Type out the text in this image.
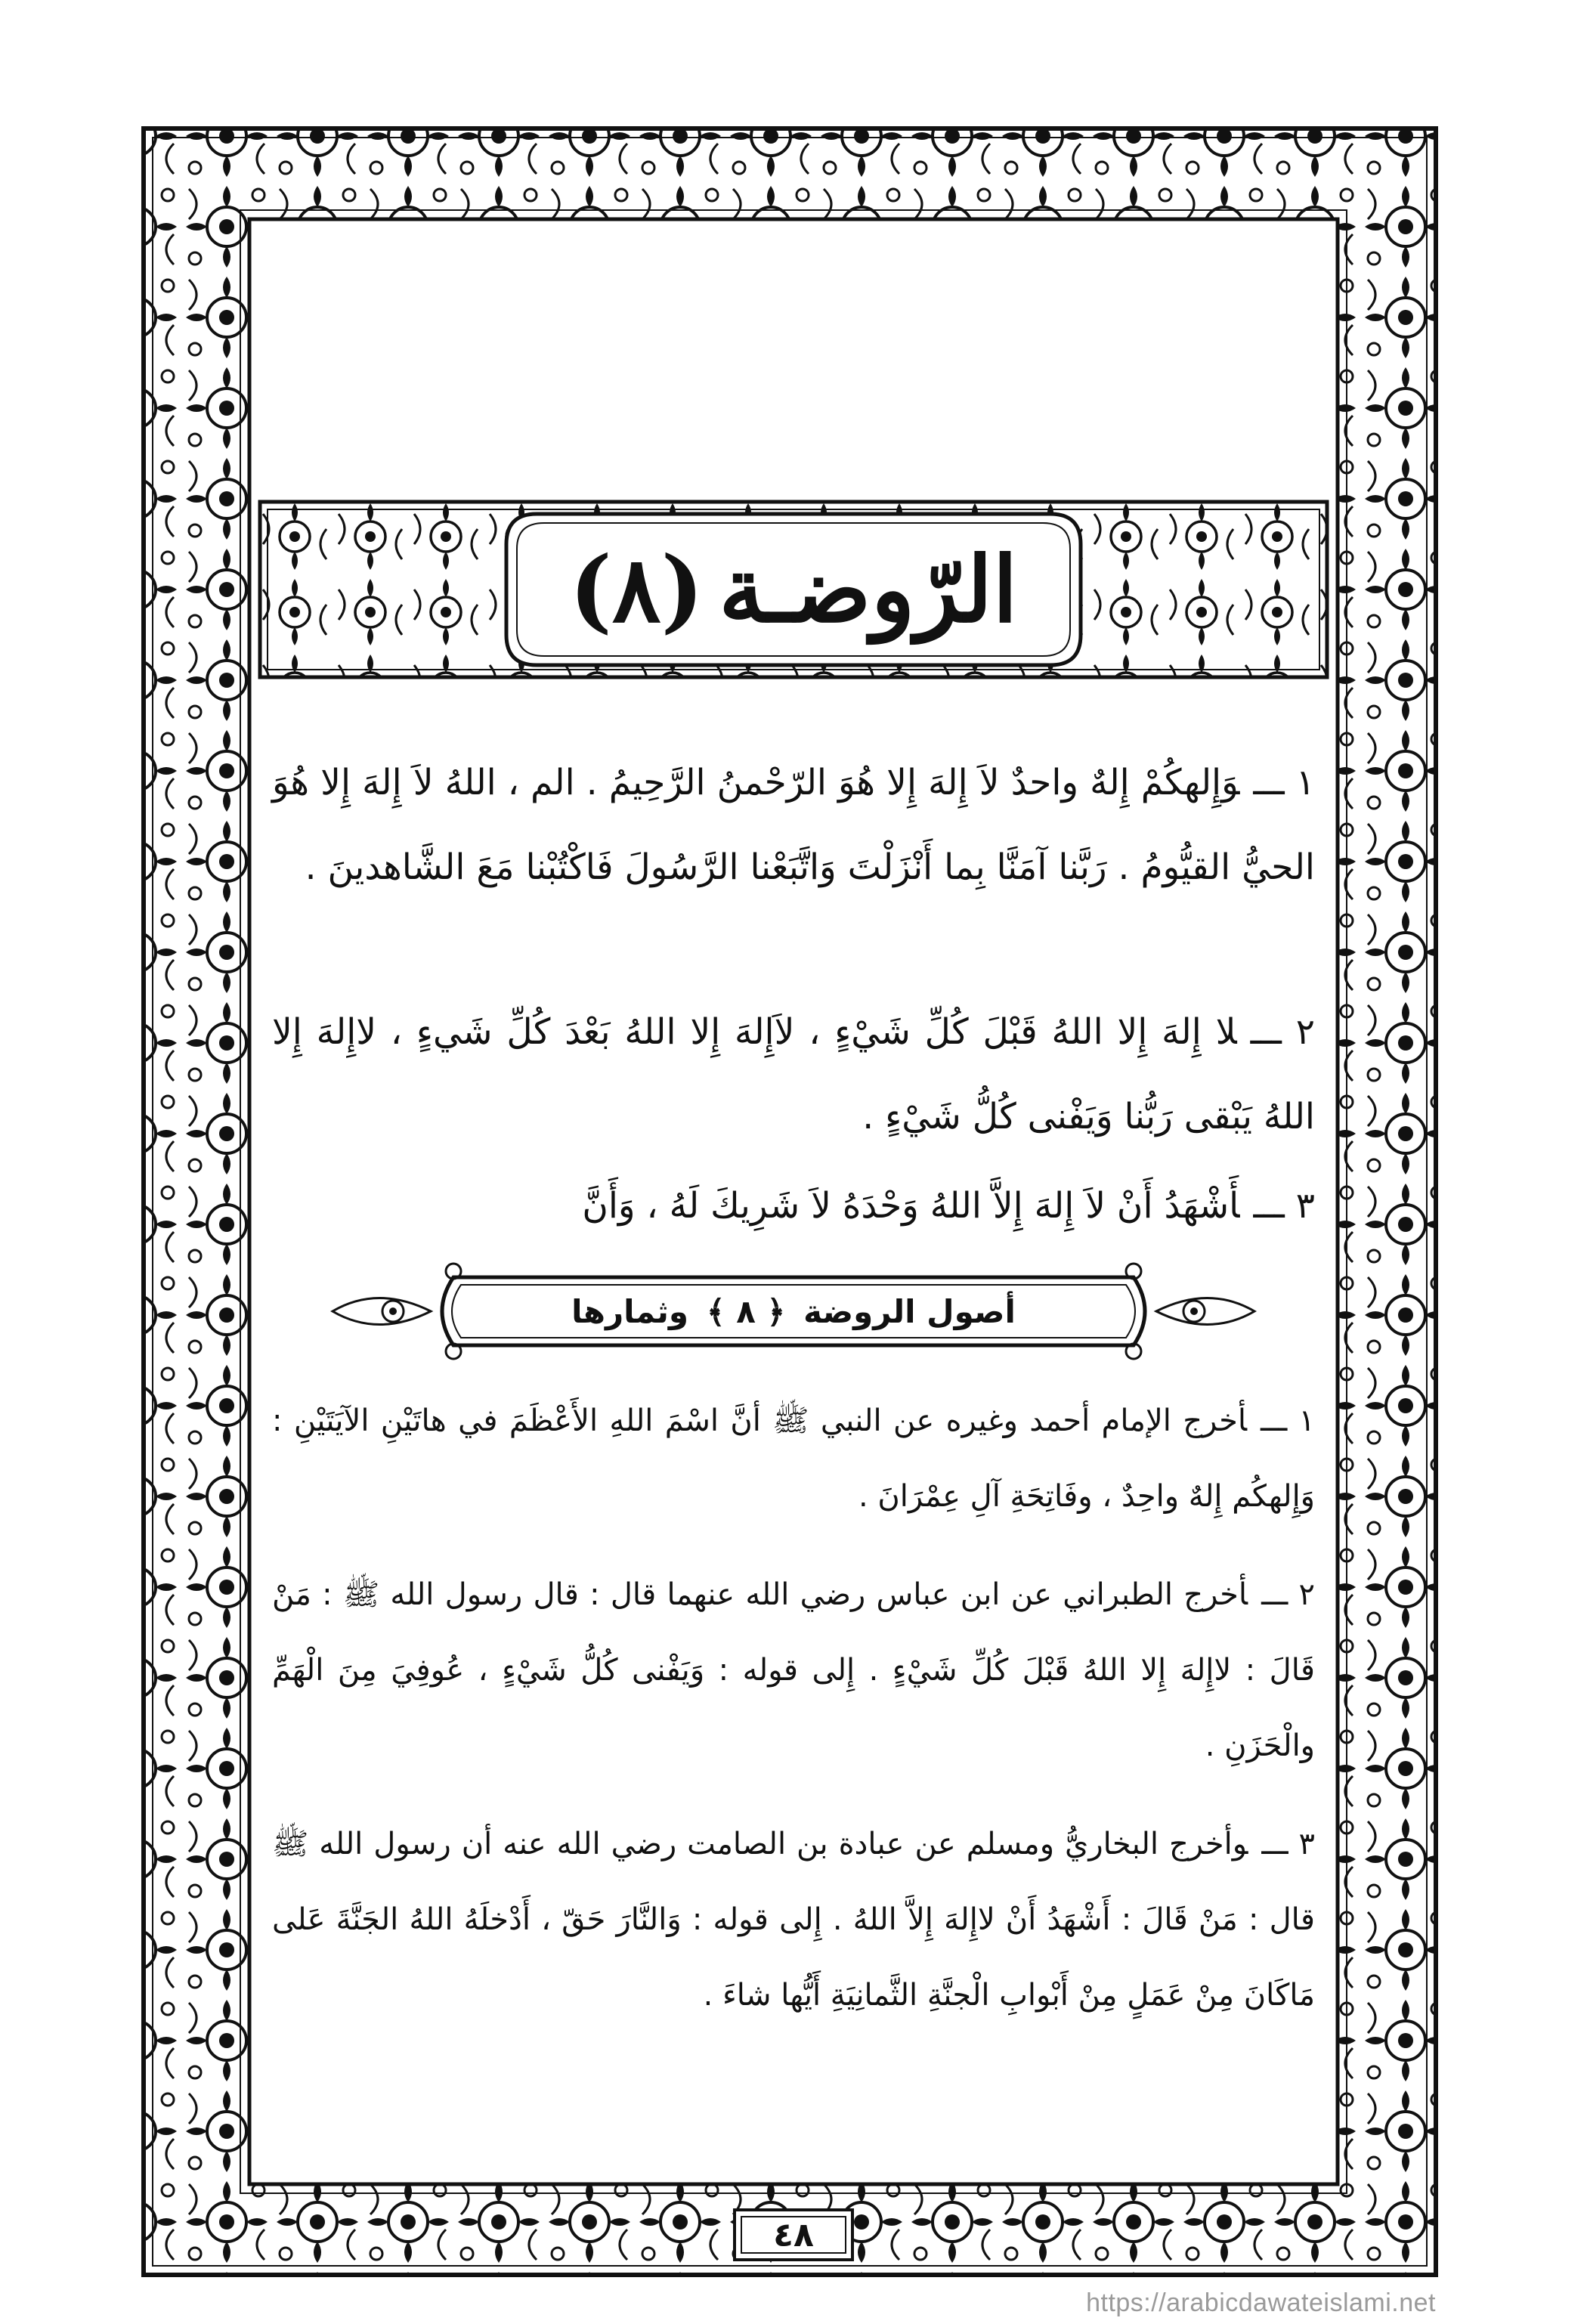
الرّوضـة
(٨)
١ ـــوَإِلهكُمْ إِلهٌ واحدٌ لاَ إِلهَ إِلا هُوَ الرّحْمنُ الرَّحِيمُ . الم ، اللهُ لاَ إِلهَ إِلا هُوَ الحيُّ القيُّومُ . رَبَّنا آمَنَّا بِما أَنْزَلْتَ وَاتَّبَعْنا الرَّسُولَ فَاكْتُبْنا مَعَ الشَّاهدينَ .
٢ ـــلا إِلهَ إِلا اللهُ قَبْلَ كُلِّ شَيْءٍ ، لاَإِلهَ إِلا اللهُ بَعْدَ كُلِّ شَيءٍ ، لاإِلهَ إِلا اللهُ يَبْقى رَبُّنا وَيَفْنى كُلُّ شَيْءٍ .
٣ ـــأَشْهَدُ أَنْ لاَ إِلهَ إِلاَّ اللهُ وَحْدَهُ لاَ شَرِيكَ لَهُ ، وَأَنَّ
أصول الروضة
﴿ ٨ ﴾
وثمارها
١ ـــأخرج الإمام أحمد وغيره عن النبي ﷺ أنَّ اسْمَ اللهِ الأَعْظَمَ في هاتَيْنِ الآيَتَيْنِ : وَإِلهكُم إِلهٌ واحِدٌ ، وفَاتِحَةِ آلِ عِمْرَانَ .
٢ ـــأخرج الطبراني عن ابن عباس رضي الله عنهما قال : قال رسول الله ﷺ : مَنْ قَالَ : لاإِلهَ إِلا اللهُ قَبْلَ كُلِّ شَيْءٍ . إِلى قوله : وَيَفْنى كُلُّ شَيْءٍ ، عُوفِيَ مِنَ الْهَمِّ والْحَزَنِ .
٣ ـــوأخرج البخاريُّ ومسلم عن عبادة بن الصامت رضي الله عنه أن رسول الله ﷺ قال : مَنْ قَالَ : أَشْهَدُ أَنْ لاإِلهَ إِلاَّ اللهُ . إِلى قوله : وَالنَّارَ حَقّ ، أَدْخلَهُ اللهُ الجَنَّةَ عَلى مَاكَانَ مِنْ عَمَلٍ مِنْ أَبْوابِ الْجنَّةِ الثَّمانِيَةِ أَيُّها شاءَ .
٤٨
https://arabicdawateislami.net
